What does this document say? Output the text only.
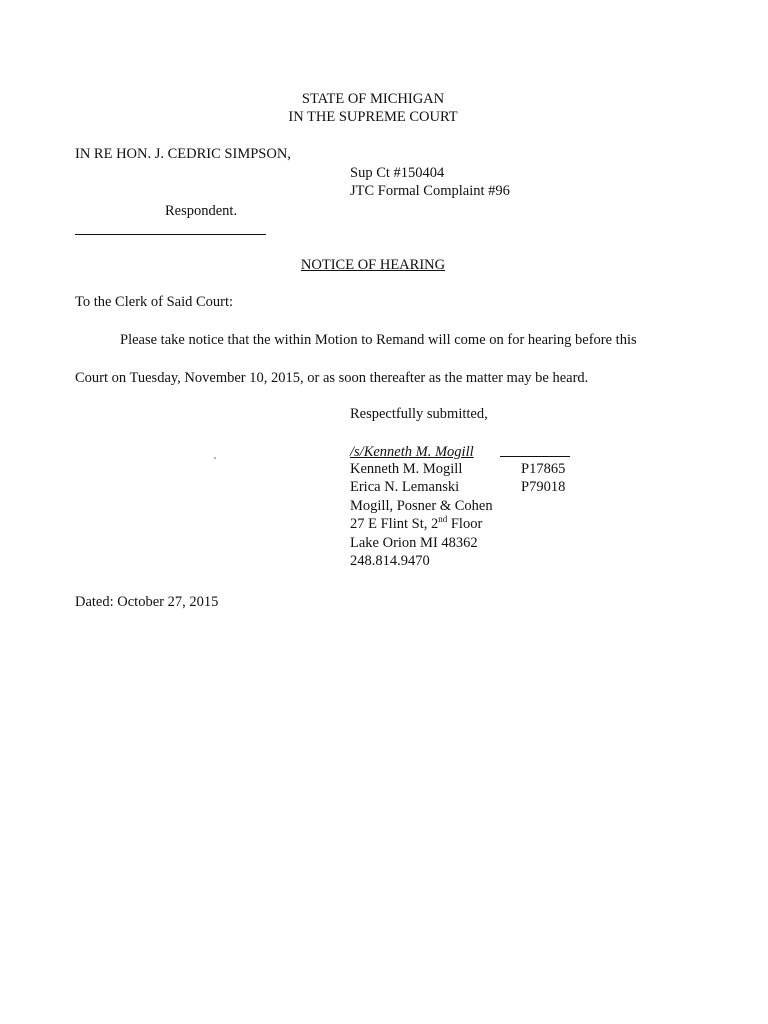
STATE OF MICHIGAN
IN THE SUPREME COURT
IN RE HON. J. CEDRIC SIMPSON,
Sup Ct #150404
JTC Formal Complaint #96
Respondent.
NOTICE OF HEARING
To the Clerk of Said Court:
Please take notice that the within Motion to Remand will come on for hearing before this
Court on Tuesday, November 10, 2015, or as soon thereafter as the matter may be heard.
Respectfully submitted,
/s/Kenneth M. Mogill
Kenneth M. Mogill	P17865
Erica N. Lemanski	P79018
Mogill, Posner & Cohen
27 E Flint St, 2nd Floor
Lake Orion MI 48362
248.814.9470
Dated: October 27, 2015
